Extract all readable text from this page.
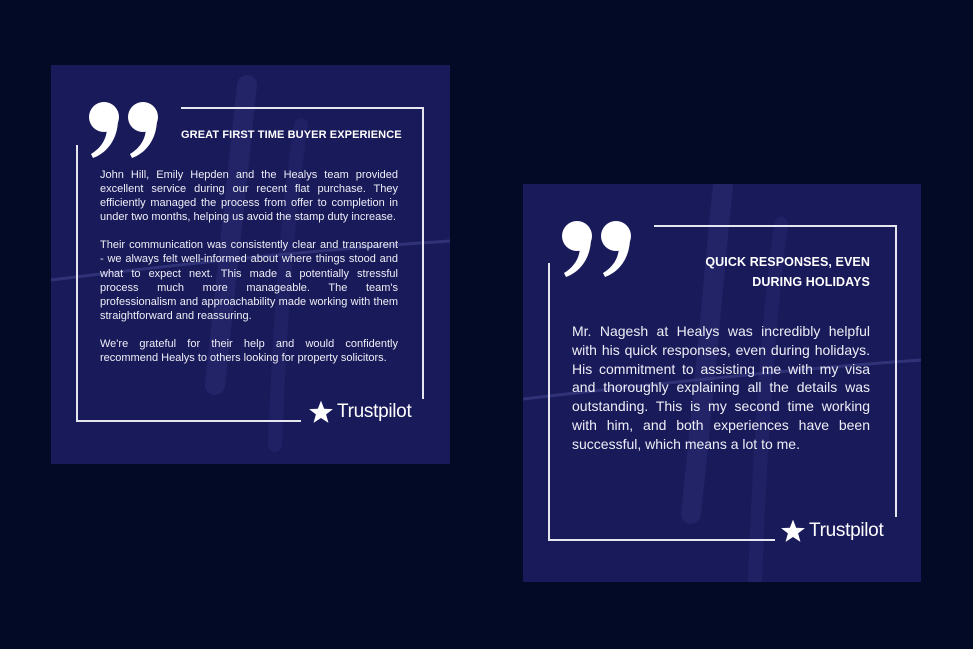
GREAT FIRST TIME BUYER EXPERIENCE

John Hill, Emily Hepden and the Healys team provided excellent service during our recent flat purchase. They efficiently managed the process from offer to completion in under two months, helping us avoid the stamp duty increase.

Their communication was consistently clear and transparent - we always felt well-informed about where things stood and what to expect next. This made a potentially stressful process much more manageable. The team's professionalism and approachability made working with them straightforward and reassuring.

We're grateful for their help and would confidently recommend Healys to others looking for property solicitors.

Trustpilot
QUICK RESPONSES, EVEN
DURING HOLIDAYS

Mr. Nagesh at Healys was incredibly helpful with his quick responses, even during holidays. His commitment to assisting me with my visa and thoroughly explaining all the details was outstanding. This is my second time working with him, and both experiences have been successful, which means a lot to me.

Trustpilot
